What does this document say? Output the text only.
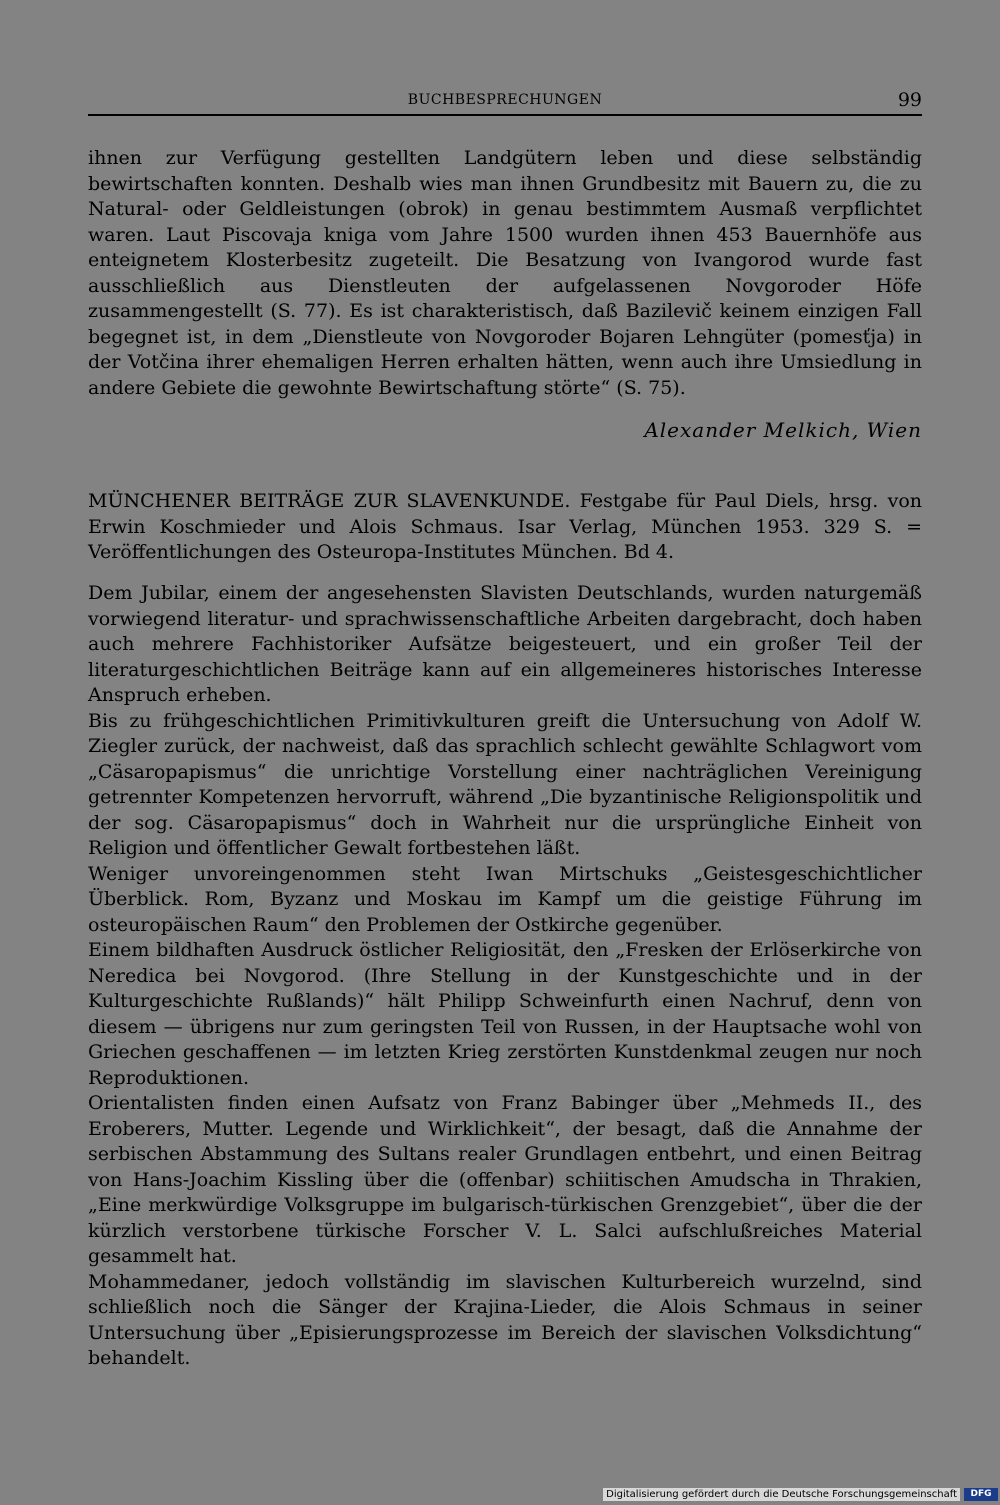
BUCHBESPRECHUNGEN	99

ihnen zur Verfügung gestellten Landgütern leben und diese selbständig bewirtschaften konnten. Deshalb wies man ihnen Grundbesitz mit Bauern zu, die zu Natural- oder Geldleistungen (obrok) in genau bestimmtem Ausmaß verpflichtet waren. Laut Piscovaja kniga vom Jahre 1500 wurden ihnen 453 Bauernhöfe aus enteignetem Klosterbesitz zugeteilt. Die Besatzung von Ivangorod wurde fast ausschließlich aus Dienstleuten der aufgelassenen Novgoroder Höfe zusammengestellt (S. 77). Es ist charakteristisch, daß Bazilevič keinem einzigen Fall begegnet ist, in dem „Dienstleute von Novgoroder Bojaren Lehngüter (pomesťja) in der Votčina ihrer ehemaligen Herren erhalten hätten, wenn auch ihre Umsiedlung in andere Gebiete die gewohnte Bewirtschaftung störte“ (S. 75).

Alexander Melkich, Wien

MÜNCHENER BEITRÄGE ZUR SLAVENKUNDE. Festgabe für Paul Diels, hrsg. von Erwin Koschmieder und Alois Schmaus. Isar Verlag, München 1953. 329 S. = Veröffentlichungen des Osteuropa-Institutes München. Bd 4.

Dem Jubilar, einem der angesehensten Slavisten Deutschlands, wurden naturgemäß vorwiegend literatur- und sprachwissenschaftliche Arbeiten dargebracht, doch haben auch mehrere Fachhistoriker Aufsätze beigesteuert, und ein großer Teil der literaturgeschichtlichen Beiträge kann auf ein allgemeineres historisches Interesse Anspruch erheben.

Bis zu frühgeschichtlichen Primitivkulturen greift die Untersuchung von Adolf W. Ziegler zurück, der nachweist, daß das sprachlich schlecht gewählte Schlagwort vom „Cäsaropapismus“ die unrichtige Vorstellung einer nachträglichen Vereinigung getrennter Kompetenzen hervorruft, während „Die byzantinische Religionspolitik und der sog. Cäsaropapismus“ doch in Wahrheit nur die ursprüngliche Einheit von Religion und öffentlicher Gewalt fortbestehen läßt.

Weniger unvoreingenommen steht Iwan Mirtschuks „Geistesgeschichtlicher Überblick. Rom, Byzanz und Moskau im Kampf um die geistige Führung im osteuropäischen Raum“ den Problemen der Ostkirche gegenüber.

Einem bildhaften Ausdruck östlicher Religiosität, den „Fresken der Erlöserkirche von Neredica bei Novgorod. (Ihre Stellung in der Kunstgeschichte und in der Kulturgeschichte Rußlands)“ hält Philipp Schweinfurth einen Nachruf, denn von diesem — übrigens nur zum geringsten Teil von Russen, in der Hauptsache wohl von Griechen geschaffenen — im letzten Krieg zerstörten Kunstdenkmal zeugen nur noch Reproduktionen.

Orientalisten finden einen Aufsatz von Franz Babinger über „Mehmeds II., des Eroberers, Mutter. Legende und Wirklichkeit“, der besagt, daß die Annahme der serbischen Abstammung des Sultans realer Grundlagen entbehrt, und einen Beitrag von Hans-Joachim Kissling über die (offenbar) schiitischen Amudscha in Thrakien, „Eine merkwürdige Volksgruppe im bulgarisch-türkischen Grenzgebiet“, über die der kürzlich verstorbene türkische Forscher V. L. Salci aufschlußreiches Material gesammelt hat.

Mohammedaner, jedoch vollständig im slavischen Kulturbereich wurzelnd, sind schließlich noch die Sänger der Krajina-Lieder, die Alois Schmaus in seiner Untersuchung über „Episierungsprozesse im Bereich der slavischen Volksdichtung“ behandelt.

Digitalisierung gefördert durch die Deutsche Forschungsgemeinschaft	DFG
